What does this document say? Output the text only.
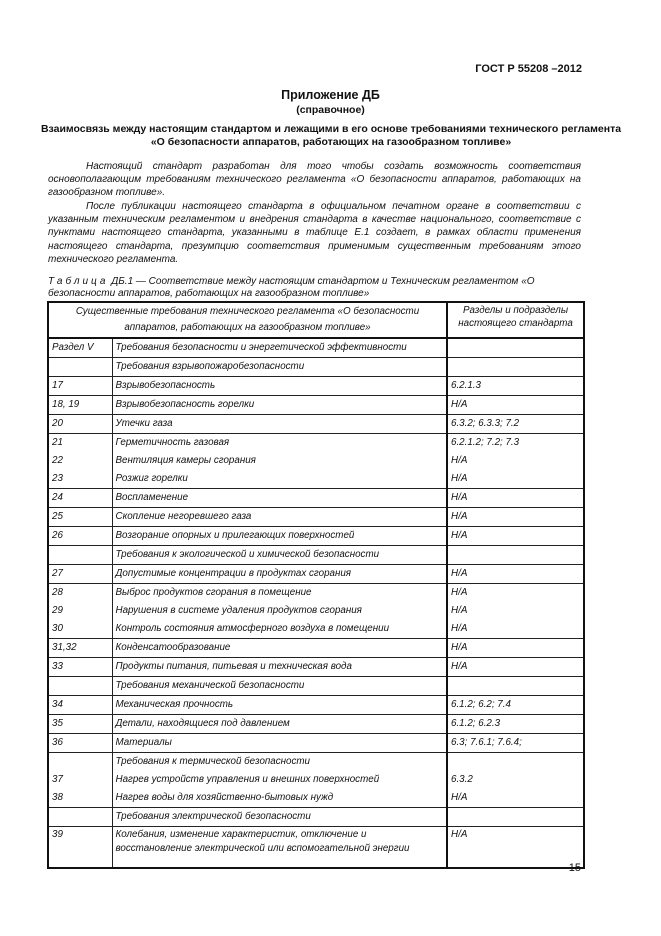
ГОСТ Р 55208 –2012
Приложение ДБ
(справочное)
Взаимосвязь между настоящим стандартом и лежащими в его основе требованиями технического регламента «О безопасности аппаратов, работающих на газообразном топливе»
Настоящий стандарт разработан для того чтобы создать возможность соответствия основополагающим требованиям технического регламента «О безопасности аппаратов, работающих на газообразном топливе».
После публикации настоящего стандарта в официальном печатном органе в соответствии с указанным техническим регламентом и внедрения стандарта в качестве национального, соответствие с пунктами настоящего стандарта, указанными в таблице Е.1 создает, в рамках области применения настоящего стандарта, презумпцию соответствия применимым существенным требованиям этого технического регламента.
Таблица ДБ.1 — Соответствие между настоящим стандартом и Техническим регламентом «О безопасности аппаратов, работающих на газообразном топливе»
Существенные требования технического регламента «О безопасности аппаратов, работающих на газообразном топливе»		Разделы и подразделы настоящего стандарта
Раздел V	Требования безопасности и энергетической эффективности	
	Требования взрывопожаробезопасности	
17	Взрывобезопасность	6.2.1.3
18, 19	Взрывобезопасность горелки	Н/А
20	Утечки газа	6.3.2; 6.3.3; 7.2
21	Герметичность газовая	6.2.1.2; 7.2; 7.3
22	Вентиляция камеры сгорания	Н/А
23	Розжиг горелки	Н/А
24	Воспламенение	Н/А
25	Скопление негоревшего газа	Н/А
26	Возгорание опорных и прилегающих поверхностей	Н/А
	Требования к экологической и химической безопасности	
27	Допустимые концентрации в продуктах сгорания	Н/А
28	Выброс продуктов сгорания в помещение	Н/А
29	Нарушения в системе удаления продуктов сгорания	Н/А
30	Контроль состояния атмосферного воздуха в помещении	Н/А
31,32	Конденсатообразование	Н/А
33	Продукты питания, питьевая и техническая вода	Н/А
	Требования механической безопасности	
34	Механическая прочность	6.1.2; 6.2; 7.4
35	Детали, находящиеся под давлением	6.1.2; 6.2.3
36	Материалы	6.3; 7.6.1; 7.6.4;
	Требования к термической безопасности	
37	Нагрев устройств управления и внешних поверхностей	6.3.2
38	Нагрев воды для хозяйственно-бытовых нужд	Н/А
	Требования электрической безопасности	
39	Колебания, изменение характеристик, отключение и восстановление электрической или вспомогательной энергии	Н/А
15
